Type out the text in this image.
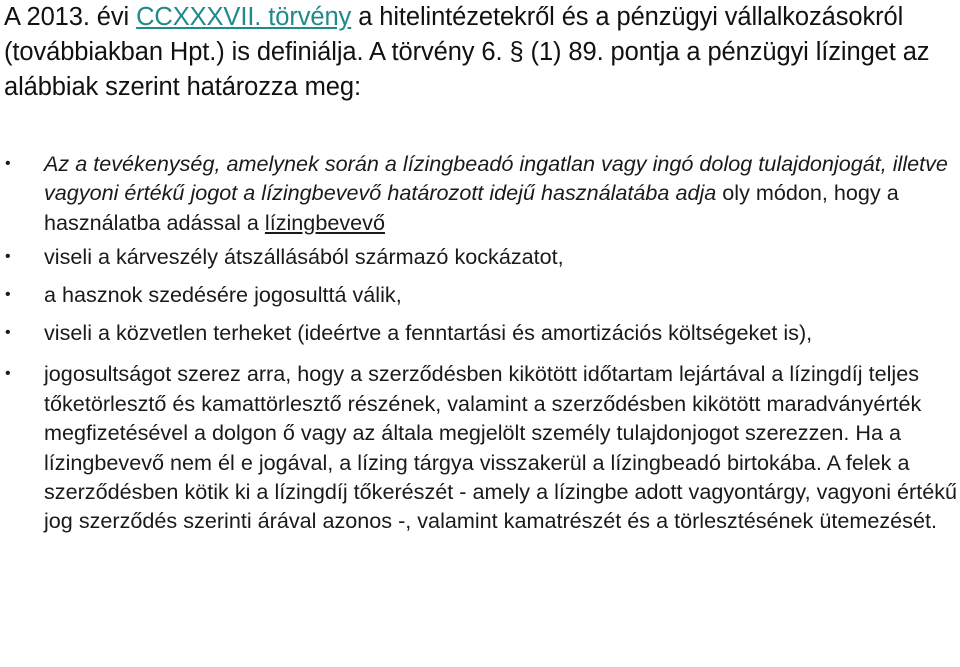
A 2013. évi CCXXXVII. törvény a hitelintézetekről és a pénzügyi vállalkozásokról (továbbiakban Hpt.) is definiálja. A törvény 6. § (1) 89. pontja a pénzügyi lízinget az alábbiak szerint határozza meg:

• Az a tevékenység, amelynek során a lízingbeadó ingatlan vagy ingó dolog tulajdonjogát, illetve vagyoni értékű jogot a lízingbevevő határozott idejű használatába adja oly módon, hogy a használatba adással a lízingbevevő
• viseli a kárveszély átszállásából származó kockázatot,
• a hasznok szedésére jogosulttá válik,
• viseli a közvetlen terheket (ideértve a fenntartási és amortizációs költségeket is),
• jogosultságot szerez arra, hogy a szerződésben kikötött időtartam lejártával a lízingdíj teljes tőketörlesztő és kamattörlesztő részének, valamint a szerződésben kikötött maradványérték megfizetésével a dolgon ő vagy az általa megjelölt személy tulajdonjogot szerezzen. Ha a lízingbevevő nem él e jogával, a lízing tárgya visszakerül a lízingbeadó birtokába. A felek a szerződésben kötik ki a lízingdíj tőkerészét - amely a lízingbe adott vagyontárgy, vagyoni értékű jog szerződés szerinti árával azonos -, valamint kamatrészét és a törlesztésének ütemezését.
